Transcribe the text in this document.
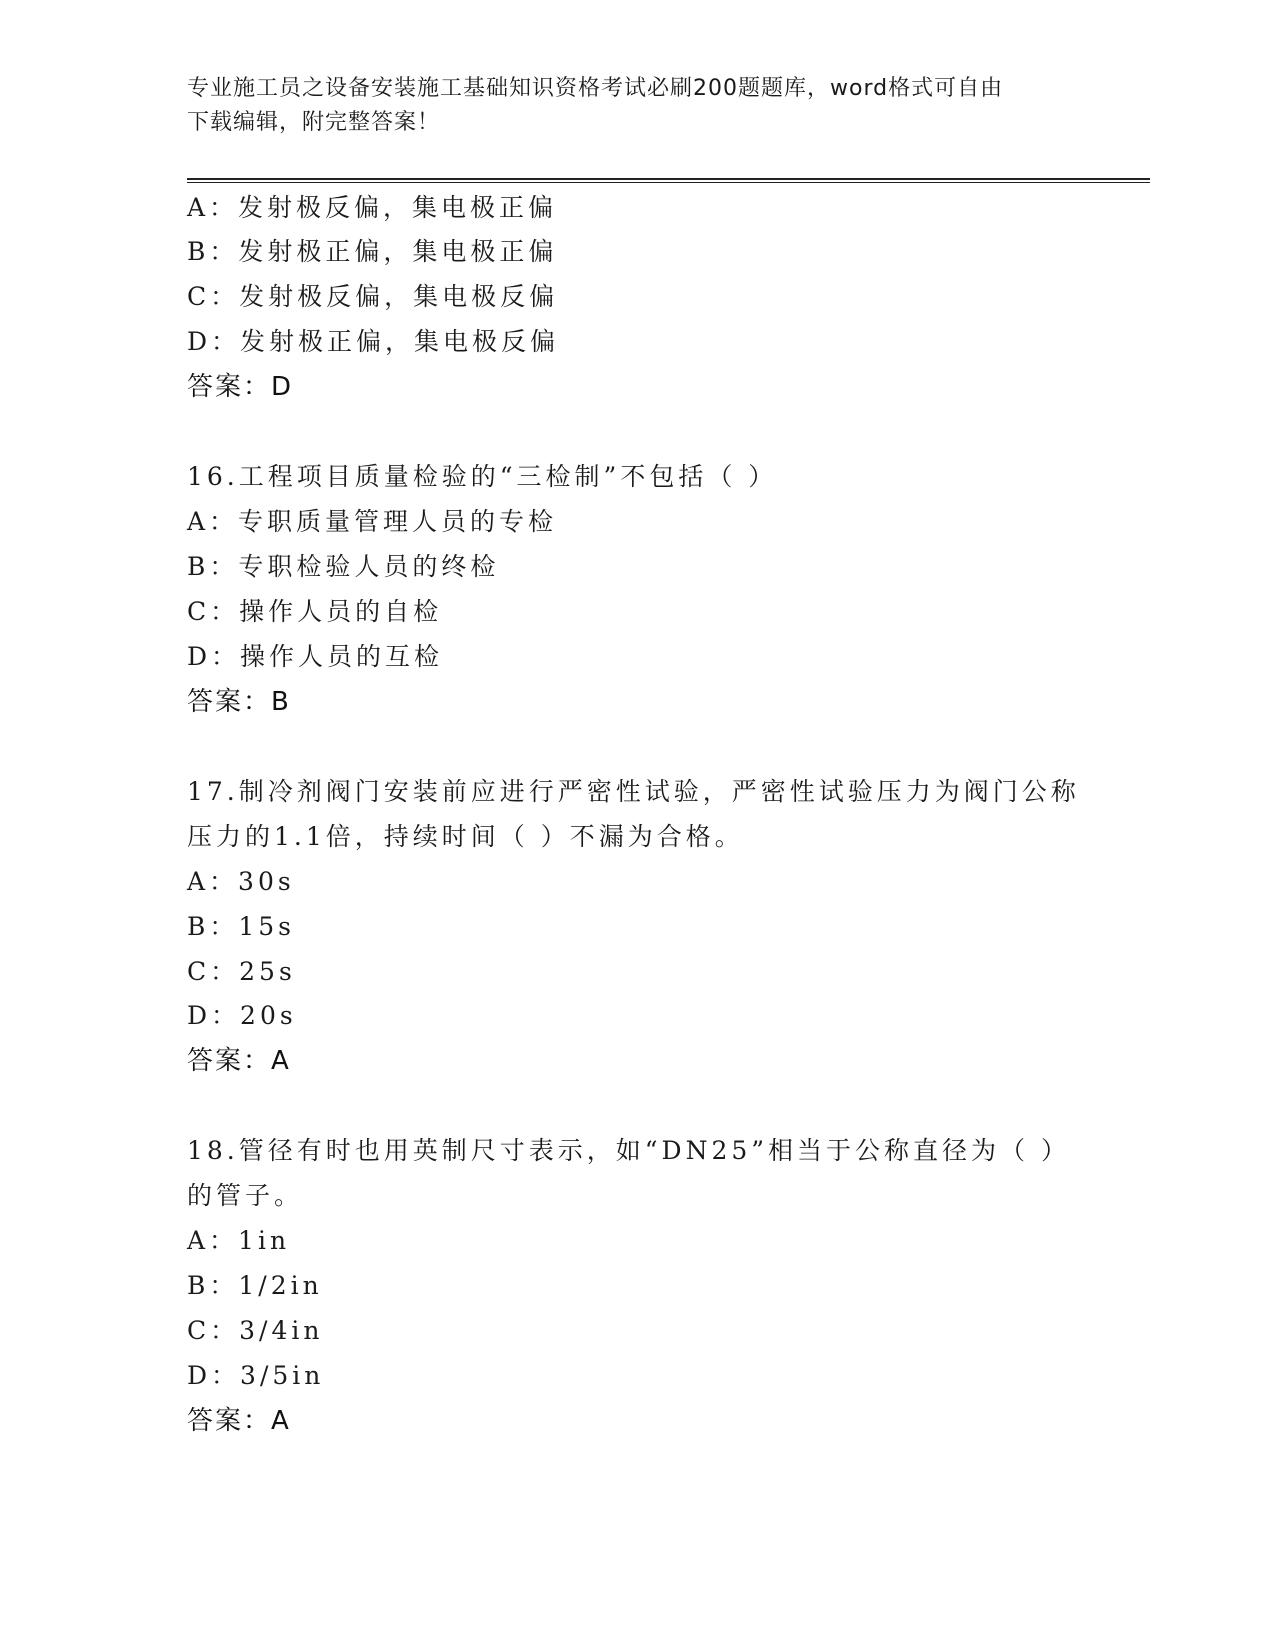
专业施工员之设备安装施工基础知识资格考试必刷200题题库，word格式可自由
下载编辑，附完整答案！
A：发射极反偏，集电极正偏
B：发射极正偏，集电极正偏
C：发射极反偏，集电极反偏
D：发射极正偏，集电极反偏
答案：D
16.工程项目质量检验的“三检制”不包括（ ）
A：专职质量管理人员的专检
B：专职检验人员的终检
C：操作人员的自检
D：操作人员的互检
答案：B
17.制冷剂阀门安装前应进行严密性试验，严密性试验压力为阀门公称
压力的1.1倍，持续时间（ ）不漏为合格。
A：30s
B：15s
C：25s
D：20s
答案：A
18.管径有时也用英制尺寸表示，如“DN25”相当于公称直径为（ ）
的管子。
A：1in
B：1/2in
C：3/4in
D：3/5in
答案：A
